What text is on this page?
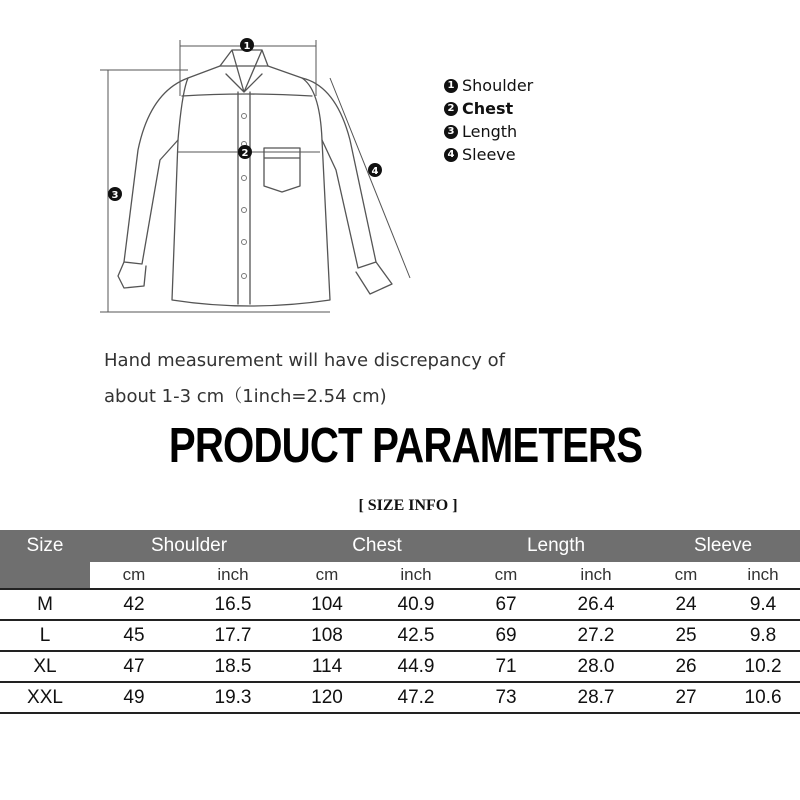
1
2
3
4
1 Shoulder
2 Chest
3 Length
4 Sleeve
Hand measurement will have discrepancy of
about 1-3 cm（1inch=2.54 cm)
PRODUCT PARAMETERS
[ SIZE INFO ]
Size	Shoulder		Chest		Length		Sleeve	
	cm	inch	cm	inch	cm	inch	cm	inch
M	42	16.5	104	40.9	67	26.4	24	9.4
L	45	17.7	108	42.5	69	27.2	25	9.8
XL	47	18.5	114	44.9	71	28.0	26	10.2
XXL	49	19.3	120	47.2	73	28.7	27	10.6
